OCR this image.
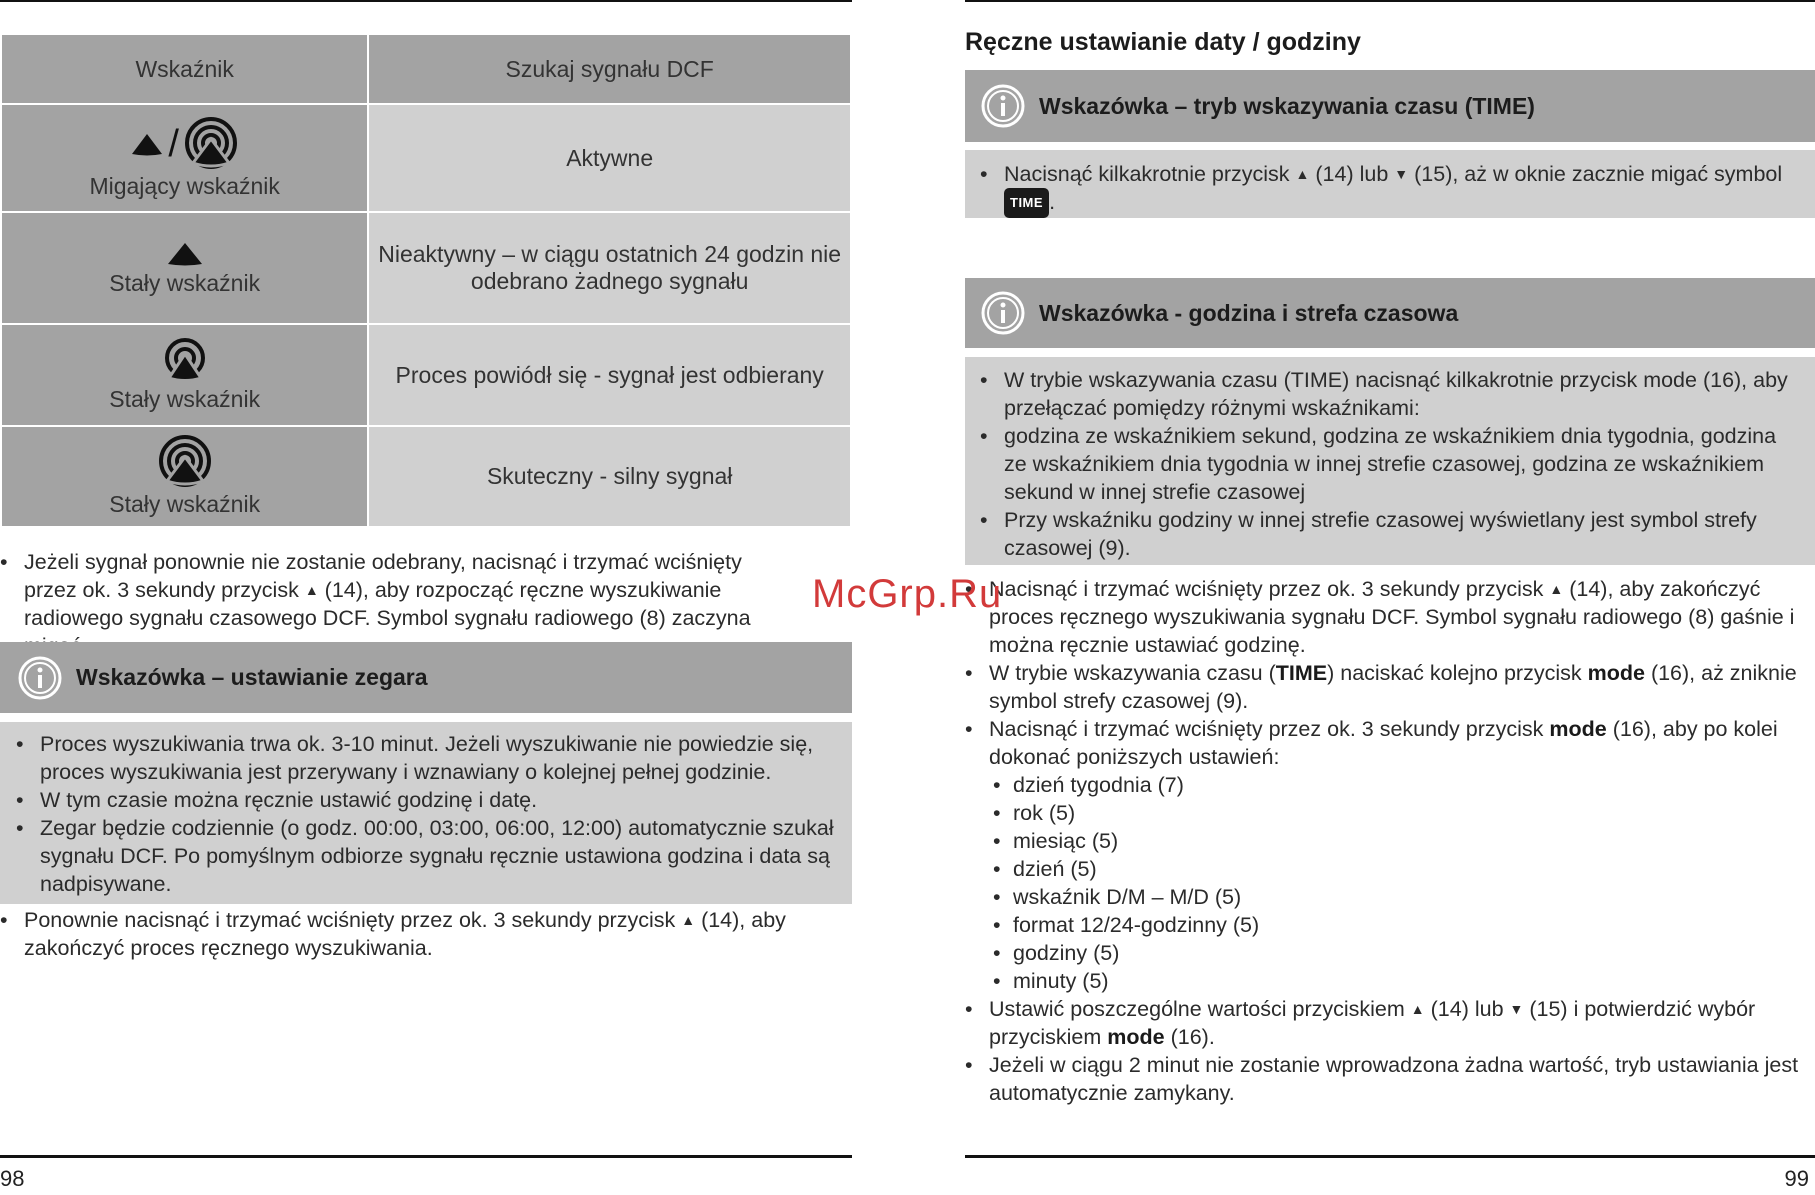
Wskaźnik	Szukaj sygnału DCF

/
Migający wskaźnik	Aktywne

Stały wskaźnik	Nieaktywny – w ciągu ostatnich 24 godzin nie odebrano żadnego sygnału

Stały wskaźnik	Proces powiódł się - sygnał jest odbierany

Stały wskaźnik	Skuteczny - silny sygnał
• Jeżeli sygnał ponownie nie zostanie odebrany, nacisnąć i trzymać wciśnięty przez ok. 3 sekundy przycisk ▲ (14), aby rozpocząć ręczne wyszukiwanie radiowego sygnału czasowego DCF. Symbol sygnału radiowego (8) zaczyna
Wskazówka – ustawianie zegara
• Proces wyszukiwania trwa ok. 3-10 minut. Jeżeli wyszukiwanie nie powiedzie się, proces wyszukiwania jest przerywany i wznawiany o kolejnej pełnej godzinie.
• W tym czasie można ręcznie ustawić godzinę i datę.
• Zegar będzie codziennie (o godz. 00:00, 03:00, 06:00, 12:00) automatycznie szukał sygnału DCF. Po pomyślnym odbiorze sygnału ręcznie ustawiona godzina i data są nadpisywane.
• Ponownie nacisnąć i trzymać wciśnięty przez ok. 3 sekundy przycisk ▲ (14), aby zakończyć proces ręcznego wyszukiwania.
98
Ręczne ustawianie daty / godziny
Wskazówka – tryb wskazywania czasu (TIME)
• Nacisnąć kilkakrotnie przycisk ▲ (14) lub ▼ (15), aż w oknie zacznie migać symbol TIME .
Wskazówka - godzina i strefa czasowa
• W trybie wskazywania czasu (TIME) nacisnąć kilkakrotnie przycisk mode (16), aby przełączać pomiędzy różnymi wskaźnikami:
• godzina ze wskaźnikiem sekund, godzina ze wskaźnikiem dnia tygodnia, godzina ze wskaźnikiem dnia tygodnia w innej strefie czasowej, godzina ze wskaźnikiem sekund w innej strefie czasowej
• Przy wskaźniku godziny w innej strefie czasowej wyświetlany jest symbol strefy czasowej (9).
• Nacisnąć i trzymać wciśnięty przez ok. 3 sekundy przycisk ▲ (14), aby zakończyć proces ręcznego wyszukiwania sygnału DCF. Symbol sygnału radiowego (8) gaśnie i można ręcznie ustawiać godzinę.
• W trybie wskazywania czasu (TIME) naciskać kolejno przycisk mode (16), aż zniknie symbol strefy czasowej (9).
• Nacisnąć i trzymać wciśnięty przez ok. 3 sekundy przycisk mode (16), aby po kolei dokonać poniższych ustawień:
• dzień tygodnia (7)
• rok (5)
• miesiąc (5)
• dzień (5)
• wskaźnik D/M – M/D (5)
• format 12/24-godzinny (5)
• godziny (5)
• minuty (5)
• Ustawić poszczególne wartości przyciskiem ▲ (14) lub ▼ (15) i potwierdzić wybór przyciskiem mode (16).
• Jeżeli w ciągu 2 minut nie zostanie wprowadzona żadna wartość, tryb ustawiania jest automatycznie zamykany.
99
McGrp.Ru
